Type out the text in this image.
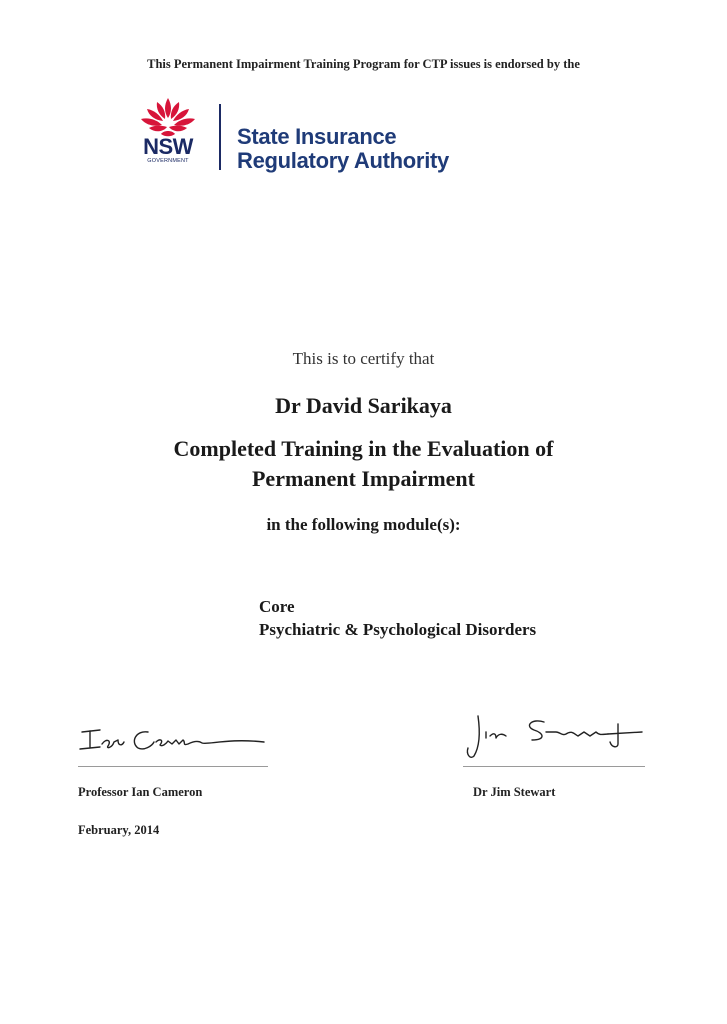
This Permanent Impairment Training Program for CTP issues is endorsed by the
NSW
GOVERNMENT
State Insurance
Regulatory Authority
This is to certify that
Dr David Sarikaya
Completed Training in the Evaluation of
Permanent Impairment
in the following module(s):
Core
Psychiatric & Psychological Disorders
Professor Ian Cameron	Dr Jim Stewart
February, 2014
